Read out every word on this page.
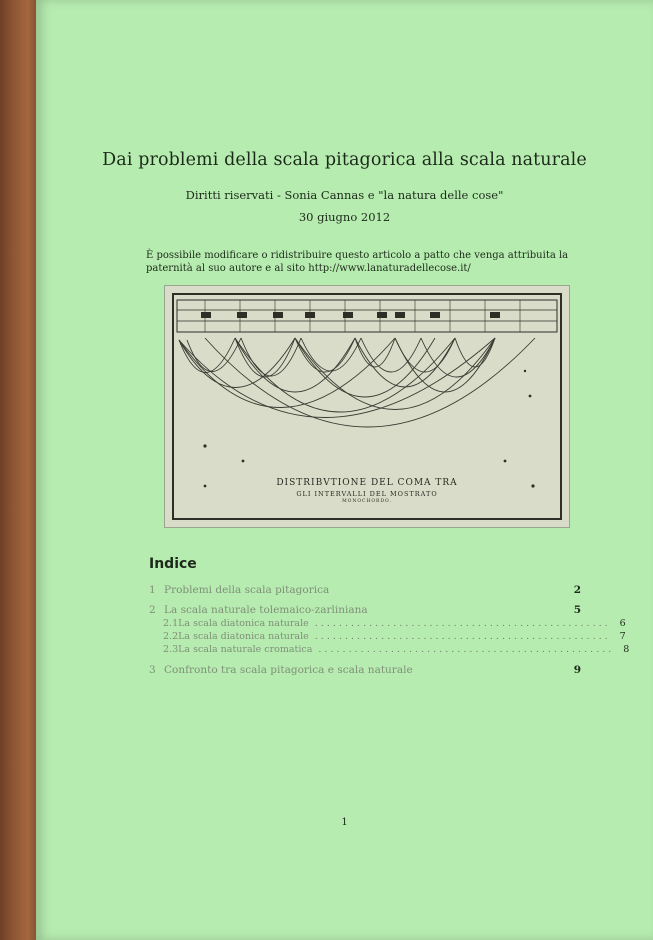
Dai problemi della scala pitagorica alla scala naturale
Diritti riservati - Sonia Cannas e "la natura delle cose"
30 giugno 2012
È possibile modificare o ridistribuire questo articolo a patto che venga attribuita la paternità al suo autore e al sito http://www.lanaturadellecose.it/
DISTRIBVTIONE DEL COMA TRA
GLI INTERVALLI DEL MOSTRATO
MONOCHORDO.
Indice
1 Problemi della scala pitagorica	2
2 La scala naturale tolemaico-zarliniana	5
2.1 La scala diatonica naturale . . . . . . . . . . . . . . . . . . . . . . . . . . . . . . . . . . . . . . . . . . . . . . . . .	6
2.2 La scala diatonica naturale . . . . . . . . . . . . . . . . . . . . . . . . . . . . . . . . . . . . . . . . . . . . . . . . .	7
2.3 La scala naturale cromatica . . . . . . . . . . . . . . . . . . . . . . . . . . . . . . . . . . . . . . . . . . . . . . . . .	8
3 Confronto tra scala pitagorica e scala naturale	9
1
